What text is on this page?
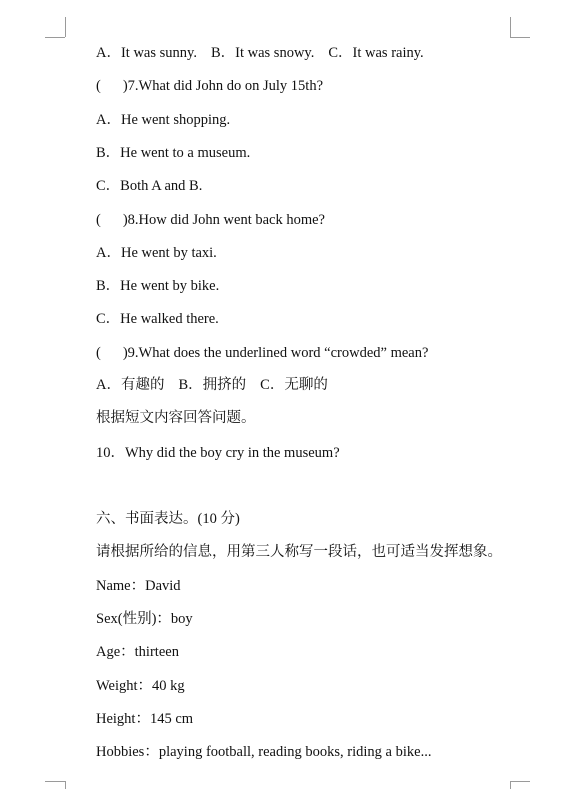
A．It was sunny. B．It was snowy. C．It was rainy.
( )7.What did John do on July 15th?
A．He went shopping.
B．He went to a museum.
C．Both A and B.
( )8.How did John went back home?
A．He went by taxi.
B．He went by bike.
C．He walked there.
( )9.What does the underlined word “crowded” mean?
A．有趣的 B．拥挤的 C．无聊的
根据短文内容回答问题。
10．Why did the boy cry in the museum?
六、书面表达。(10 分)
请根据所给的信息，用第三人称写一段话，也可适当发挥想象。
Name：David
Sex(性别)：boy
Age：thirteen
Weight：40 kg
Height：145 cm
Hobbies：playing football, reading books, riding a bike...
